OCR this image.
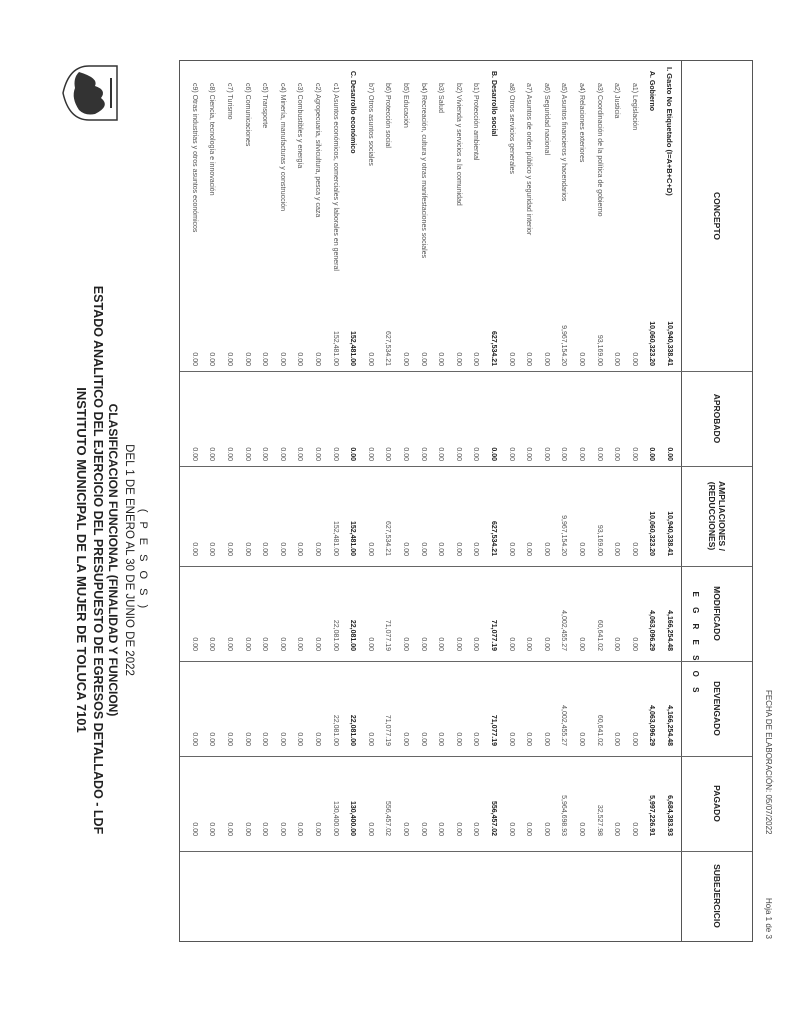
INSTITUTO MUNICIPAL DE LA MUJER DE TOLUCA 7101 ESTADO ANALITICO DEL EJERCICIO DEL PRESUPUESTO DE EGRESOS DETALLADO - LDF CLASIFICACION FUNCIONAL (FINALIDAD Y FUNCION) DEL 1 DE ENERO AL 30 DE JUNIO DE 2022 ( P E S O S )
CONCEPTO
E G R E S O S
APROBADO
AMPLIACIONES / (REDUCCIONES)
MODIFICADO
DEVENGADO
PAGADO
SUBEJERCICIO
I. Gasto No Etiquetado (I=A+B+C+D)
10,940,338.41
0.00
10,940,338.41
4,166,254.48
4,166,254.48
6,684,383.93
A. Gobierno
10,060,323.20
0.00
10,060,323.20
4,063,096.29
4,063,096.29
5,997,226.91
a1) Legislación
0.00
0.00
0.00
0.00
0.00
0.00
a2) Justicia
0.00
0.00
0.00
0.00
0.00
0.00
a3) Coordinación de la política de gobierno
93,169.00
0.00
93,169.00
60,641.02
60,641.02
32,527.98
a4) Relaciones exteriores
0.00
0.00
0.00
0.00
0.00
0.00
a5) Asuntos financieros y hacendarios
9,967,154.20
0.00
9,967,154.20
4,002,455.27
4,002,455.27
5,964,698.93
a6) Seguridad nacional
0.00
0.00
0.00
0.00
0.00
0.00
a7) Asuntos de orden público y seguridad interior
0.00
0.00
0.00
0.00
0.00
0.00
a8) Otros servicios generales
0.00
0.00
0.00
0.00
0.00
0.00
B. Desarrollo social
627,534.21
0.00
627,534.21
71,077.19
71,077.19
556,457.02
b1) Protección ambiental
0.00
0.00
0.00
0.00
0.00
0.00
b2) Vivienda y servicios a la comunidad
0.00
0.00
0.00
0.00
0.00
0.00
b3) Salud
0.00
0.00
0.00
0.00
0.00
0.00
b4) Recreación, cultura y otras manifestaciones sociales
0.00
0.00
0.00
0.00
0.00
0.00
b5) Educación
0.00
0.00
0.00
0.00
0.00
0.00
b6) Protección social
627,534.21
0.00
627,534.21
71,077.19
71,077.19
556,457.02
b7) Otros asuntos sociales
0.00
0.00
0.00
0.00
0.00
0.00
C. Desarrollo económico
152,481.00
0.00
152,481.00
22,081.00
22,081.00
130,400.00
c1) Asuntos económicos, comerciales y laborales en general
152,481.00
0.00
152,481.00
22,081.00
22,081.00
130,400.00
c2) Agropecuaria, silvicultura, pesca y caza
0.00
0.00
0.00
0.00
0.00
0.00
c3) Combustibles y energía
0.00
0.00
0.00
0.00
0.00
0.00
c4) Minería, manufacturas y construcción
0.00
0.00
0.00
0.00
0.00
0.00
c5) Transporte
0.00
0.00
0.00
0.00
0.00
0.00
c6) Comunicaciones
0.00
0.00
0.00
0.00
0.00
0.00
c7) Turismo
0.00
0.00
0.00
0.00
0.00
0.00
c8) Ciencia, tecnología e innovación
0.00
0.00
0.00
0.00
0.00
0.00
c9) Otras industrias y otros asuntos económicos
0.00
0.00
0.00
0.00
0.00
0.00	FECHA DE ELABORACIÓN: 05/07/2022
Hoja 1 de 3
